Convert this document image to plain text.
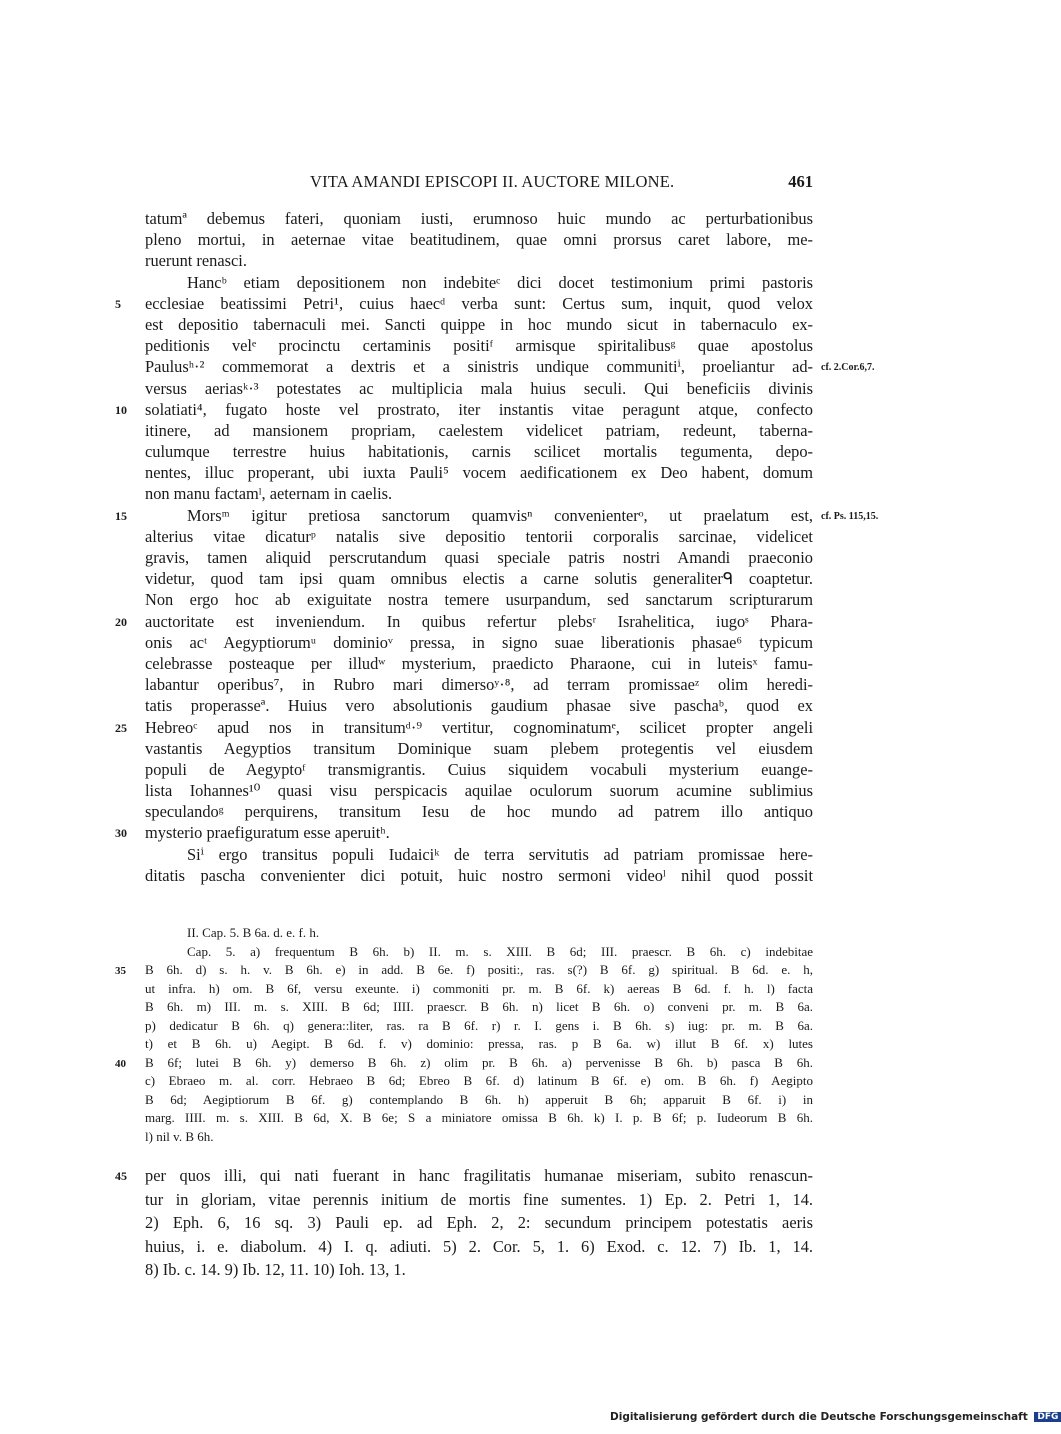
VITA AMANDI EPISCOPI II. AUCTORE MILONE.	461
tatumª debemus fateri, quoniam iusti, erumnoso huic mundo ac perturbationibus
pleno mortui, in aeternae vitae beatitudinem, quae omni prorsus caret labore, me-
ruerunt renasci.
Hancᵇ etiam depositionem non indebiteᶜ dici docet testimonium primi pastoris
5 ecclesiae beatissimi Petri¹, cuius haecᵈ verba sunt: Certus sum, inquit, quod velox
est depositio tabernaculi mei. Sancti quippe in hoc mundo sicut in tabernaculo ex-
peditionis velᵉ procinctu certaminis positiᶠ armisque spiritalibusᵍ quae apostolus
Paulusʰ·² commemorat a dextris et a sinistris undique communitiⁱ, proeliantur ad- cf. 2.Cor.6,7.
versus aeriasᵏ·³ potestates ac multiplicia mala huius seculi. Qui beneficiis divinis
10 solatiati⁴, fugato hoste vel prostrato, iter instantis vitae peragunt atque, confecto
itinere, ad mansionem propriam, caelestem videlicet patriam, redeunt, taberna-
culumque terrestre huius habitationis, carnis scilicet mortalis tegumenta, depo-
nentes, illuc properant, ubi iuxta Pauli⁵ vocem aedificationem ex Deo habent, domum
non manu factamˡ, aeternam in caelis.
15	Morsᵐ igitur pretiosa sanctorum quamvisⁿ convenienterᵒ, ut praelatum est, cf. Ps. 115,15.
alterius vitae dicaturᵖ natalis sive depositio tentorii corporalis sarcinae, videlicet
gravis, tamen aliquid perscrutandum quasi speciale patris nostri Amandi praeconio
videtur, quod tam ipsi quam omnibus electis a carne solutis generaliterᑫ coaptetur.
Non ergo hoc ab exiguitate nostra temere usurpandum, sed sanctarum scripturarum
20 auctoritate est inveniendum. In quibus refertur plebsʳ Israhelitica, iugoˢ Phara-
onis acᵗ Aegyptiorumᵘ dominioᵛ pressa, in signo suae liberationis phasae⁶ typicum
celebrasse posteaque per illudʷ mysterium, praedicto Pharaone, cui in luteisˣ famu-
labantur operibus⁷, in Rubro mari dimersoʸ·⁸, ad terram promissaeᶻ olim heredi-
tatis properasseª. Huius vero absolutionis gaudium phasae sive paschaᵇ, quod ex
25 Hebreoᶜ apud nos in transitumᵈ·⁹ vertitur, cognominatumᵉ, scilicet propter angeli
vastantis Aegyptios transitum Dominique suam plebem protegentis vel eiusdem
populi de Aegyptoᶠ transmigrantis. Cuius siquidem vocabuli mysterium euange-
lista Iohannes¹⁰ quasi visu perspicacis aquilae oculorum suorum acumine sublimius
speculandoᵍ perquirens, transitum Iesu de hoc mundo ad patrem illo antiquo
30 mysterio praefiguratum esse aperuitʰ.
Siⁱ ergo transitus populi Iudaiciᵏ de terra servitutis ad patriam promissae here-
ditatis pascha convenienter dici potuit, huic nostro sermoni videoˡ nihil quod possit
II. Cap. 5. B 6a. d. e. f. h.
Cap. 5. a) frequentum B 6h. b) II. m. s. XIII. B 6d; III. praescr. B 6h. c) indebitae
35 B 6h. d) s. h. v. B 6h. e) in add. B 6e. f) positi:, ras. s(?) B 6f. g) spiritual. B 6d. e. h,
ut infra. h) om. B 6f, versu exeunte. i) commoniti pr. m. B 6f. k) aereas B 6d. f. h. l) facta
B 6h. m) III. m. s. XIII. B 6d; IIII. praescr. B 6h. n) licet B 6h. o) conveni pr. m. B 6a.
p) dedicatur B 6h. q) genera::liter, ras. ra B 6f. r) r. I. gens i. B 6h. s) iug: pr. m. B 6a.
t) et B 6h. u) Aegipt. B 6d. f. v) dominio: pressa, ras. p B 6a. w) illut B 6f. x) lutes
40 B 6f; lutei B 6h. y) demerso B 6h. z) olim pr. B 6h. a) pervenisse B 6h. b) pasca B 6h.
c) Ebraeo m. al. corr. Hebraeo B 6d; Ebreo B 6f. d) latinum B 6f. e) om. B 6h. f) Aegipto
B 6d; Aegiptiorum B 6f. g) contemplando B 6h. h) apperuit B 6h; apparuit B 6f. i) in
marg. IIII. m. s. XIII. B 6d, X. B 6e; S a miniatore omissa B 6h. k) I. p. B 6f; p. Iudeorum B 6h.
l) nil v. B 6h.
45 per quos illi, qui nati fuerant in hanc fragilitatis humanae miseriam, subito renascun-
tur in gloriam, vitae perennis initium de mortis fine sumentes. 1) Ep. 2. Petri 1, 14.
2) Eph. 6, 16 sq. 3) Pauli ep. ad Eph. 2, 2: secundum principem potestatis aeris
huius, i. e. diabolum. 4) I. q. adiuti. 5) 2. Cor. 5, 1. 6) Exod. c. 12. 7) Ib. 1, 14.
8) Ib. c. 14. 9) Ib. 12, 11. 10) Ioh. 13, 1.
Digitalisierung gefördert durch die Deutsche Forschungsgemeinschaft DFG
